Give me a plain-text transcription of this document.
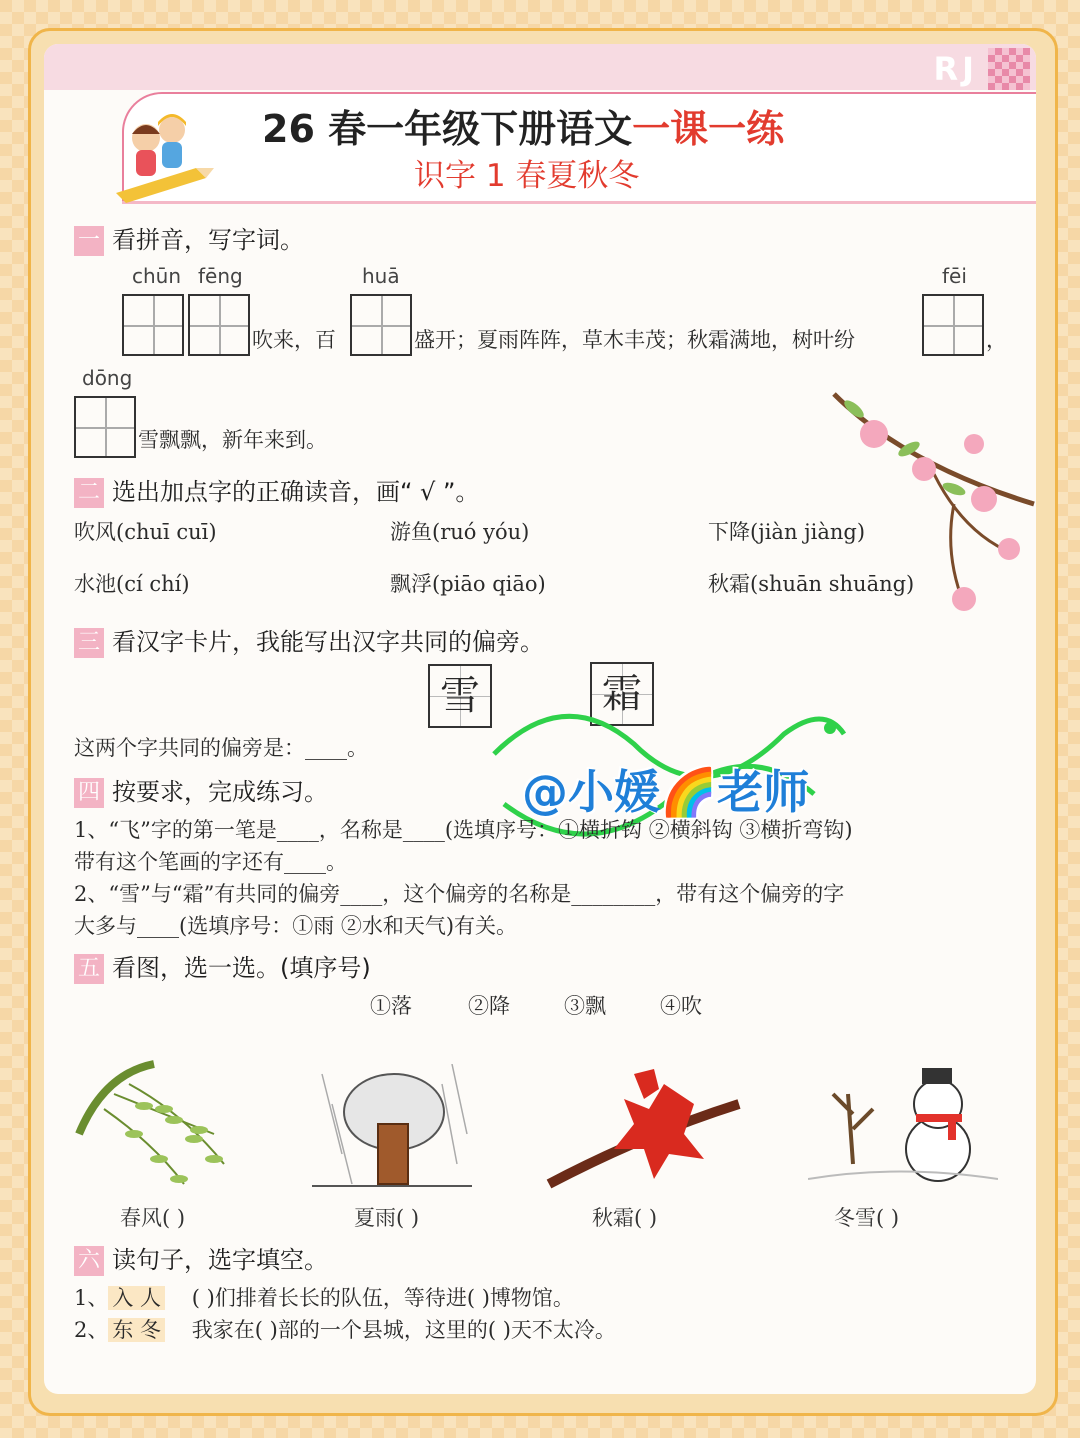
RJ
26 春一年级下册语文一课一练
识字 1 春夏秋冬
一 看拼音，写字词。
chūn fēng	huā	fēi
吹来，百	盛开；夏雨阵阵，草木丰茂；秋霜满地，树叶纷	，
dōng
雪飘飘，新年来到。
二 选出加点字的正确读音，画“ √ ”。
吹风(chuī cuī)	游鱼(ruó yóu)	下降(jiàn jiàng)
水池(cí chí)	飘浮(piāo qiāo)	秋霜(shuān shuāng)
三 看汉字卡片，我能写出汉字共同的偏旁。
雪	霜
这两个字共同的偏旁是：____。
@小媛🌈老师
四 按要求，完成练习。
1、“飞”字的第一笔是____，名称是____(选填序号：①横折钩 ②横斜钩 ③横折弯钩)
带有这个笔画的字还有____。
2、“雪”与“霜”有共同的偏旁____，这个偏旁的名称是________，带有这个偏旁的字
大多与____(选填序号：①雨 ②水和天气)有关。
五 看图，选一选。(填序号)
①落	②降	③飘	④吹
春风( )	夏雨( )	秋霜( )	冬雪( )
六 读句子，选字填空。
1、 入 人 ( )们排着长长的队伍，等待进( )博物馆。
2、 东 冬 我家在( )部的一个县城，这里的( )天不太冷。
